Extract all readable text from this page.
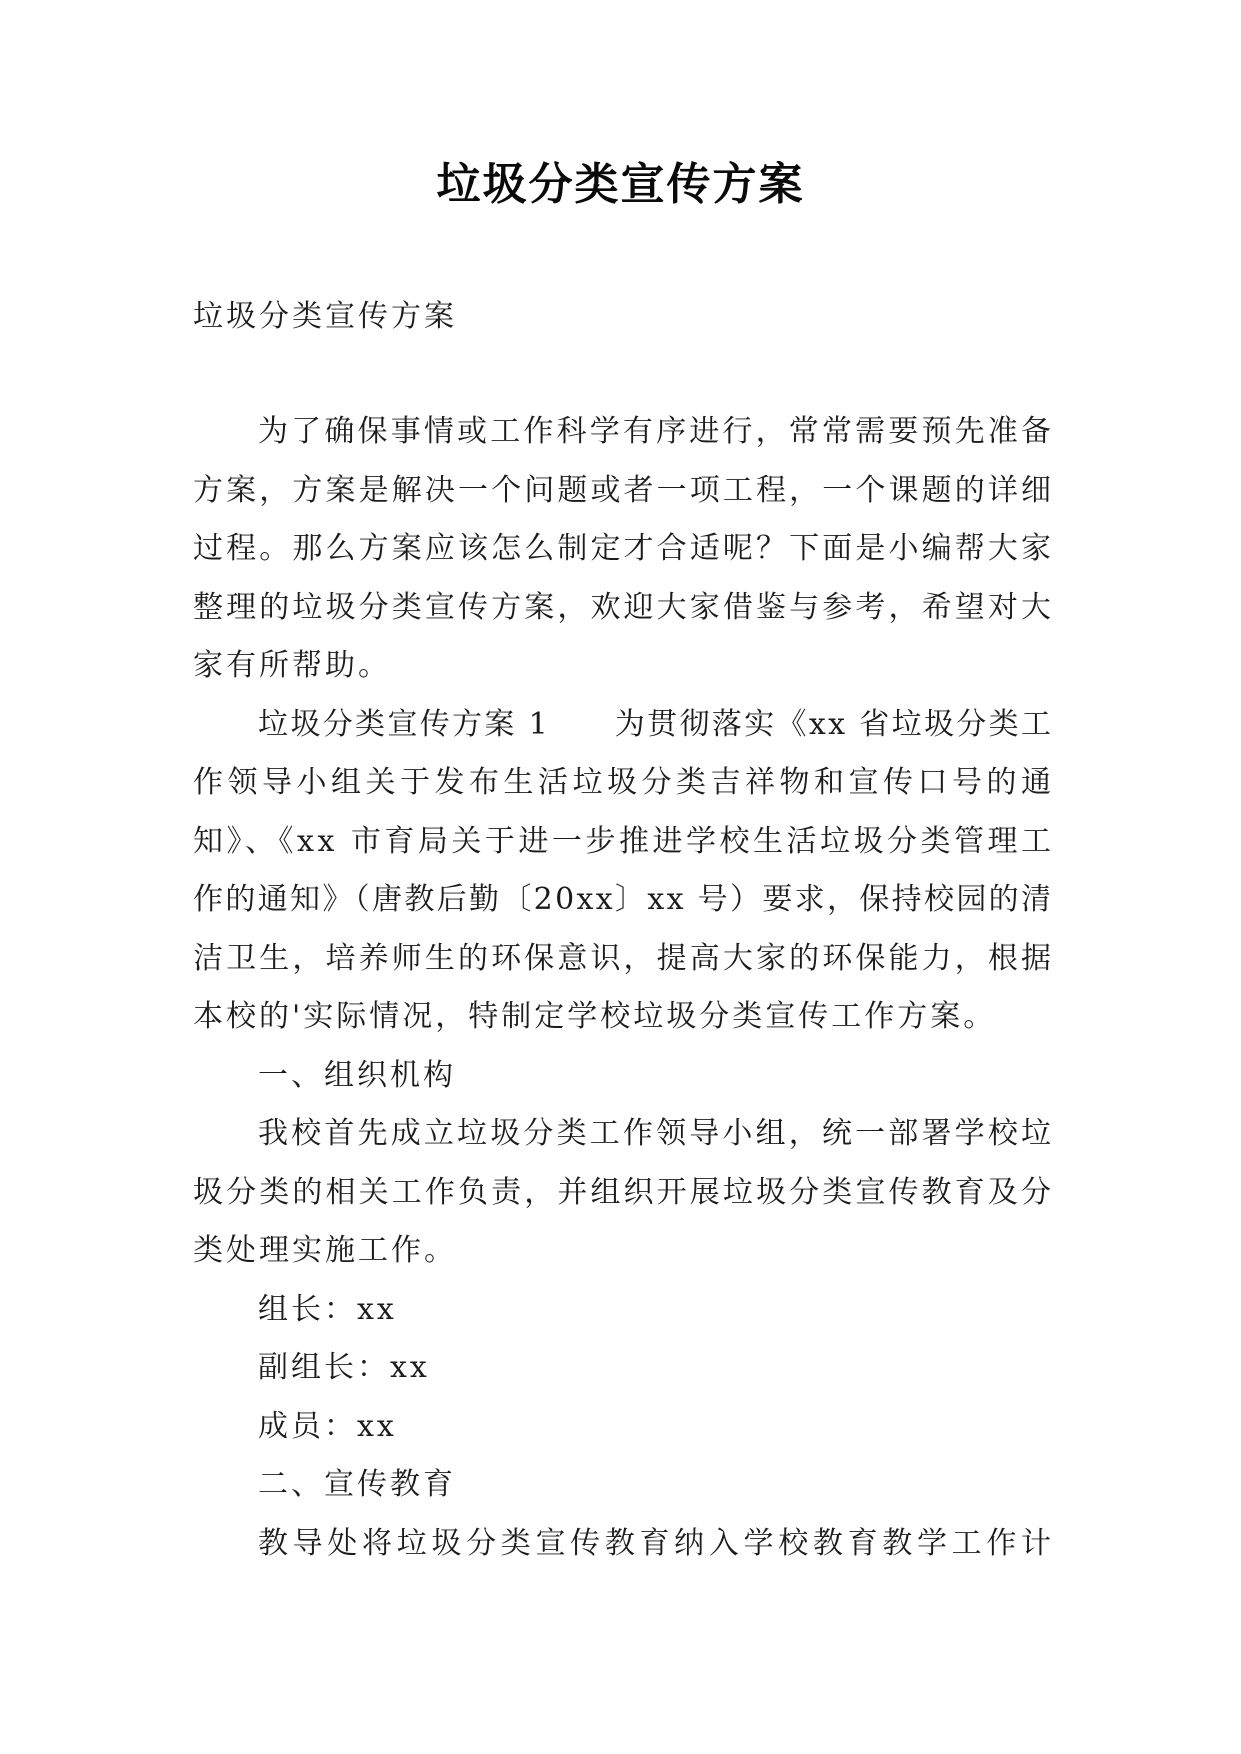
垃圾分类宣传方案
垃圾分类宣传方案
为了确保事情或工作科学有序进行，常常需要预先准备
方案，方案是解决一个问题或者一项工程，一个课题的详细
过程。那么方案应该怎么制定才合适呢？下面是小编帮大家
整理的垃圾分类宣传方案，欢迎大家借鉴与参考，希望对大
家有所帮助。
垃圾分类宣传方案 1　　为贯彻落实《xx 省垃圾分类工
作领导小组关于发布生活垃圾分类吉祥物和宣传口号的通
知》、《xx 市育局关于进一步推进学校生活垃圾分类管理工
作的通知》（唐教后勤〔20xx〕xx 号）要求，保持校园的清
洁卫生，培养师生的环保意识，提高大家的环保能力，根据
本校的'实际情况，特制定学校垃圾分类宣传工作方案。
一、组织机构
我校首先成立垃圾分类工作领导小组，统一部署学校垃
圾分类的相关工作负责，并组织开展垃圾分类宣传教育及分
类处理实施工作。
组长：xx
副组长：xx
成员：xx
二、宣传教育
教导处将垃圾分类宣传教育纳入学校教育教学工作计
